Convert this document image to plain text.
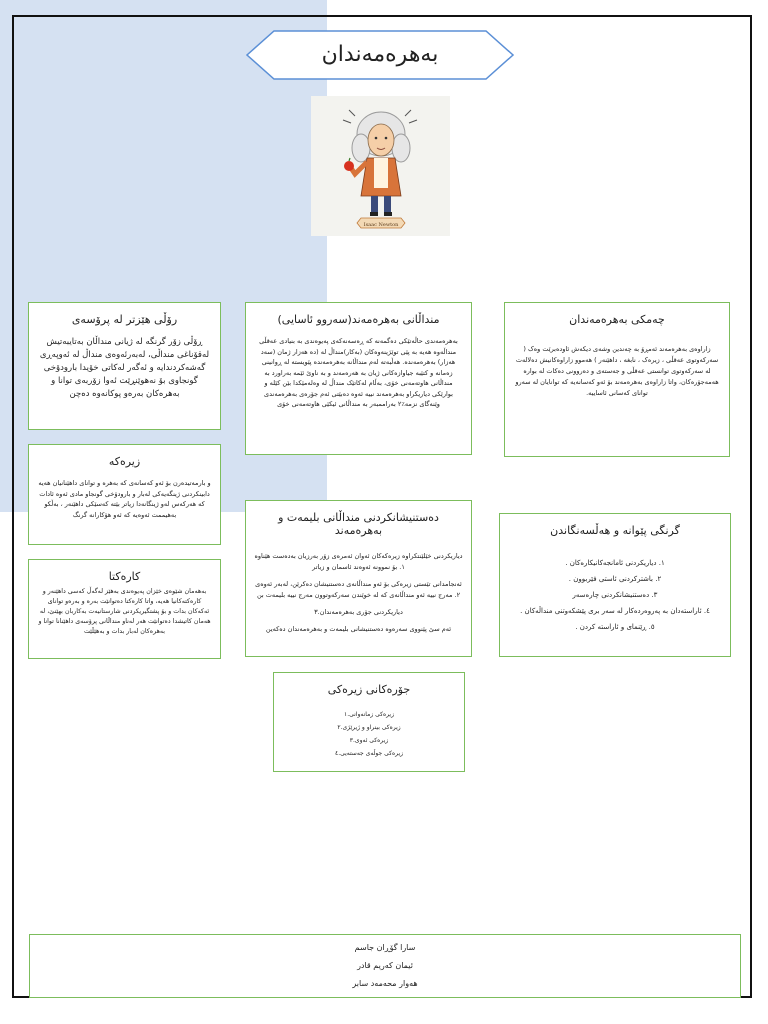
بەهرەمەندان
Isaac Newton
رۆڵی هێزتر لە پرۆسەی

ڕۆڵی زۆر گرنگە لە ژیانی منداڵان بەتایبەتیش لەقۆناغی منداڵی، لەبەرئەوەی منداڵ لە ئەوپەڕی گەشەکردندایە و ئەگەر لەکاتی خۆیدا بارودۆخی گونجاوی بۆ نەهوێنڕێت ئەوا زۆربەی توانا و بەهرەکان بەرەو پوکانەوە دەچن

منداڵانی بەهرەمەند(سەروو ئاسایی)

بەهرەمەندی حاڵەتێکی دەگمەنە کە ڕەسەنەکەی پەیوەندی بە بنیادی عەقڵی منداڵەوە هەیە بە پێی توێژینەوەکان (بەکار)منداڵ لە (دە هەزار ژمان (سەد هەزار) بەهرەمەندە. هەڵبەتە لەم منداڵانە بەهرەمەندە پێویستە لە ڕوانینی زەمانە و کتێبە جیاوازەکانی ژیان بە هەرەمەند و بە ناوێ ئێمە بەراورد بە منداڵانی هاوتەمەنی خۆی، بەڵام لەکاتێک منداڵ لە وەلەمێکدا بێن کێلە و بوارێکی دیاریکراو بەهرەمەند نییە ئەوە دەبێتی ئەم جۆرەی بەهرەمەندی وێنەگای نزمە٪٢ بەراممبەر بە منداڵانی ئیکێی هاوتەمەنی خۆی

چەمکی بەهرەمەندان

زاراوەی بەهرەمەند ئەمڕۆ بە چەندین وشەی دیکەش ئاودەبرێت وەک ( سەرکەوتوی عەقڵی ، زیرەک ، نابغە ، داهێنەر ) هەموو زاراوەکانیش دەلالەت لە سەرکەوتوی توانستی عەقڵی و جەستەی و دەروونی دەکات لە بوارە هەمەجۆرەکان، واتا زاراوەی بەهرەمەند بۆ ئەو کەسانەیە کە توانایان لە سەرو توانای کەسانی ئاساییە.

زیرەکە

و بارمەتیدەرن بۆ ئەو کەسانەی کە بەهرە و توانای داهێنانیان هەیە دابینکردنی ژینگەیەکی لەبار و بارودۆخی گونجاو مادی ئەوە ئادات کە هەرکەس لەو ژینگانەدا زیاتر بێتە کەسێکی داهێنەر ، بەڵکو بەهیممت ئەوەیە کە ئەو هۆکارانە گرنگ

کارەکتا

بەهەمان شێوەی خێزان پەیوەندی بەهێز لەگەڵ کەسی داهێنەر و کارەکتەکانیا هەیە، واتا کارەکتا دەتوانێت بەرە و بەرەو توانای ئەکەکان بدات و بۆ پشتگیریکردنی شارستانیەت بەکاربان بهێنێ، لە هەمان کاتیشدا دەتوانێت هەر لەناو منداڵانی پرۆسەی داهێنانا توانا و بەهرەکان لەبار بدات و بەهێڵێت

دەستنیشانکردنی منداڵانی بلیمەت و بەهرەمەند
دیاریکردنی خێلێنتکراوە زیرەکەکان ئەوان ئەمرەی زۆر بەرزیان بەدەست هێناوە ١. بۆ نموونە ئەوەند ئاسمان و زیاتر
ئەنجامدانی تێستی زیرەکی بۆ ئەو منداڵانەی دەستنیشان دەکرێن، لەبەر ئەوەی ٢. مەرج نییە ئەو منداڵانەی کە لە خوێندن سەرکەوتوون مەرج نییە بلیمەت بن
دیاریکردنی جۆری بەهرەمەندان.٣
ئەم سێ پێنووی سەرەوە دەستنیشانی بلیمەت و بەهرەمەندان دەکەین
گرنگی پێوانە و هەڵسەنگاندن
١. دیاریکردنی ئامانجەکانیکارەکان .
٢. باشترکردنی ئاستی فێربوون .
٣. دەستنیشانکردنی چارەسەر
٤. ئاراستەدان بە پەروەردەکار لە سەر بری پێشکەوتنی منداڵەکان .
٥. ڕێنمای و ئاراستە کردن .
جۆرەکانی زیرەکی
زیرەکی زمانەوانی.١
زیرەکی بینراو و ژیرێژی.٢
زیرەکی ئەوی.٣
زیرەکی جوڵەی جەستەیی.٤
سارا گۆڕان جاسم
ئیمان کەریم قادر
هەوار محەمەد سابر
